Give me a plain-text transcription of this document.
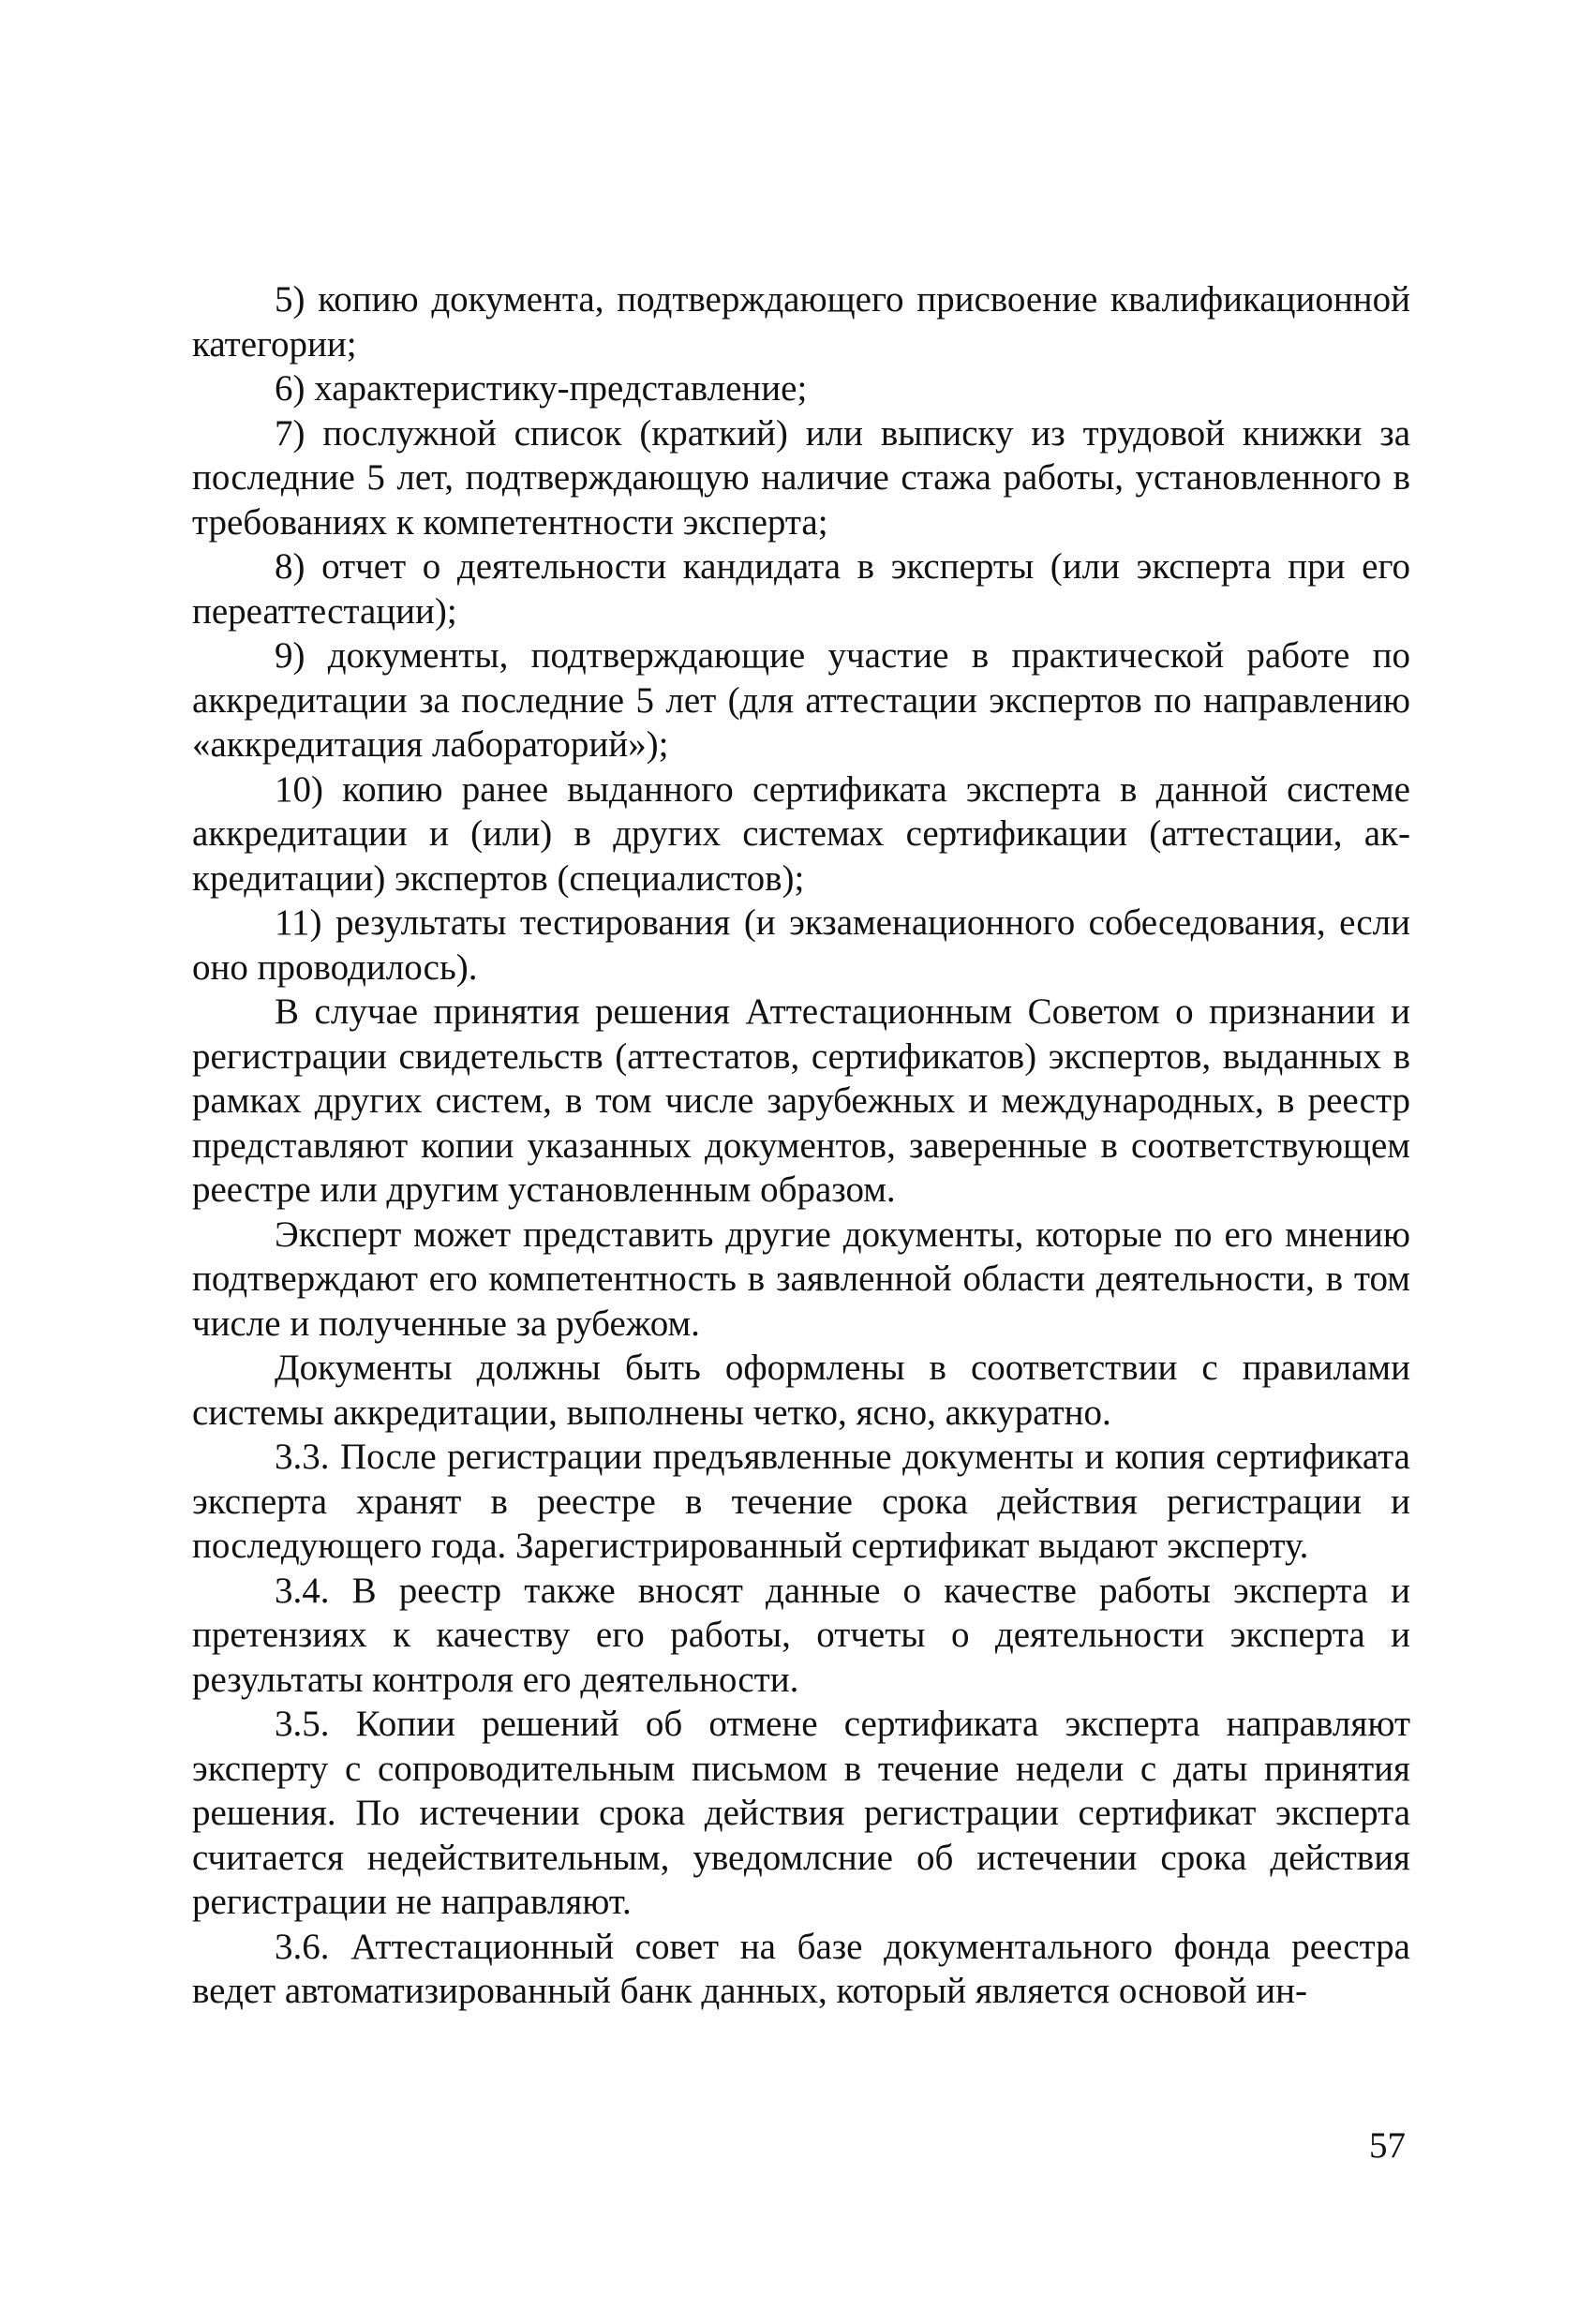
5) копию документа, подтверждающего присвоение квалификационной категории;

6) характеристику-представление;

7) послужной список (краткий) или выписку из трудовой книжки за последние 5 лет, подтверждающую наличие стажа работы, установленного в требованиях к компетентности эксперта;

8) отчет о деятельности кандидата в эксперты (или эксперта при его переаттестации);

9) документы, подтверждающие участие в практической работе по аккредитации за последние 5 лет (для аттестации экспертов по направлению «аккредитация лабораторий»);

10) копию ранее выданного сертификата эксперта в данной системе аккредитации и (или) в других системах сертификации (аттестации, аккредитации) экспертов (специалистов);

11) результаты тестирования (и экзаменационного собеседования, если оно проводилось).

В случае принятия решения Аттестационным Советом о признании и регистрации свидетельств (аттестатов, сертификатов) экспертов, выданных в рамках других систем, в том числе зарубежных и международных, в реестр представляют копии указанных документов, заверенные в соответствующем реестре или другим установленным образом.

Эксперт может представить другие документы, которые по его мнению подтверждают его компетентность в заявленной области деятельности, в том числе и полученные за рубежом.

Документы должны быть оформлены в соответствии с правилами системы аккредитации, выполнены четко, ясно, аккуратно.

3.3. После регистрации предъявленные документы и копия сертификата эксперта хранят в реестре в течение срока действия регистрации и последующего года. Зарегистрированный сертификат выдают эксперту.

3.4. В реестр также вносят данные о качестве работы эксперта и претензиях к качеству его работы, отчеты о деятельности эксперта и результаты контроля его деятельности.

3.5. Копии решений об отмене сертификата эксперта направляют эксперту с сопроводительным письмом в течение недели с даты принятия решения. По истечении срока действия регистрации сертификат эксперта считается недействительным, уведомлсние об истечении срока действия регистрации не направляют.

3.6. Аттестационный совет на базе документального фонда реестра ведет автоматизированный банк данных, который является основой ин-

57
